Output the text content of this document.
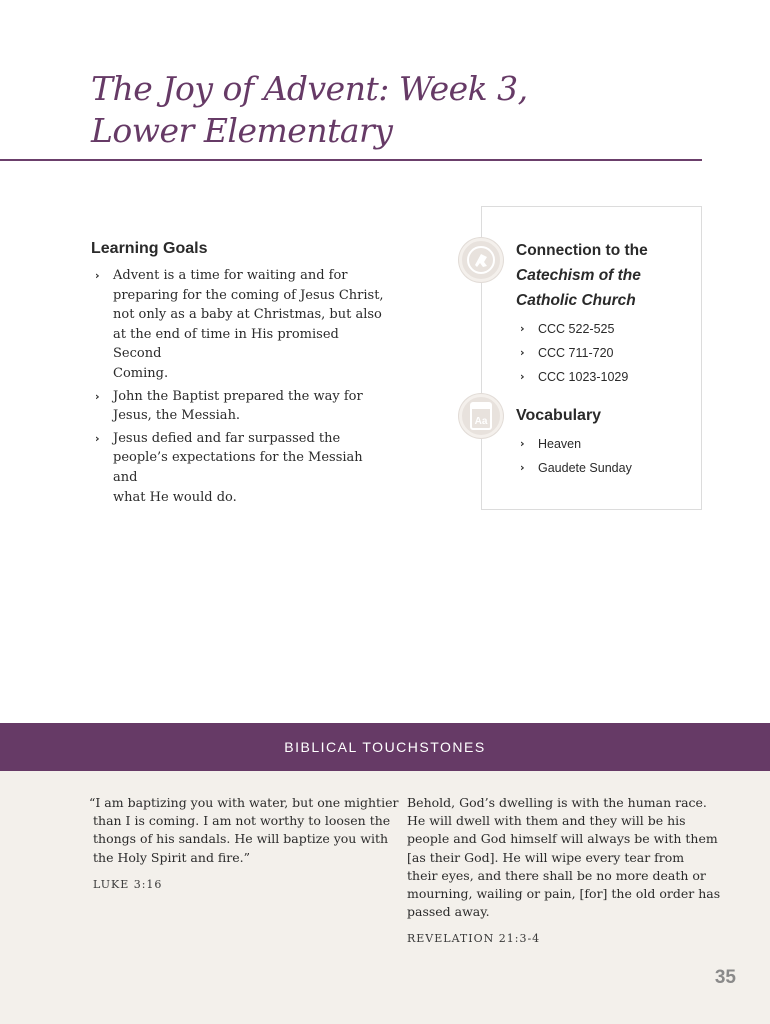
The Joy of Advent: Week 3,
Lower Elementary
Learning Goals
› Advent is a time for waiting and for
preparing for the coming of Jesus Christ,
not only as a baby at Christmas, but also
at the end of time in His promised Second
Coming.
› John the Baptist prepared the way for
Jesus, the Messiah.
› Jesus defied and far surpassed the
people’s expectations for the Messiah and
what He would do.
Connection to the
Catechism of the
Catholic Church
› CCC 522-525
› CCC 711-720
› CCC 1023-1029
Aa Vocabulary
› Heaven
› Gaudete Sunday
BIBLICAL TOUCHSTONES
“I am baptizing you with water, but one mightier
than I is coming. I am not worthy to loosen the
thongs of his sandals. He will baptize you with
the Holy Spirit and fire.”
LUKE 3:16
Behold, God’s dwelling is with the human race.
He will dwell with them and they will be his
people and God himself will always be with them
[as their God]. He will wipe every tear from
their eyes, and there shall be no more death or
mourning, wailing or pain, [for] the old order has
passed away.
REVELATION 21:3-4
35
